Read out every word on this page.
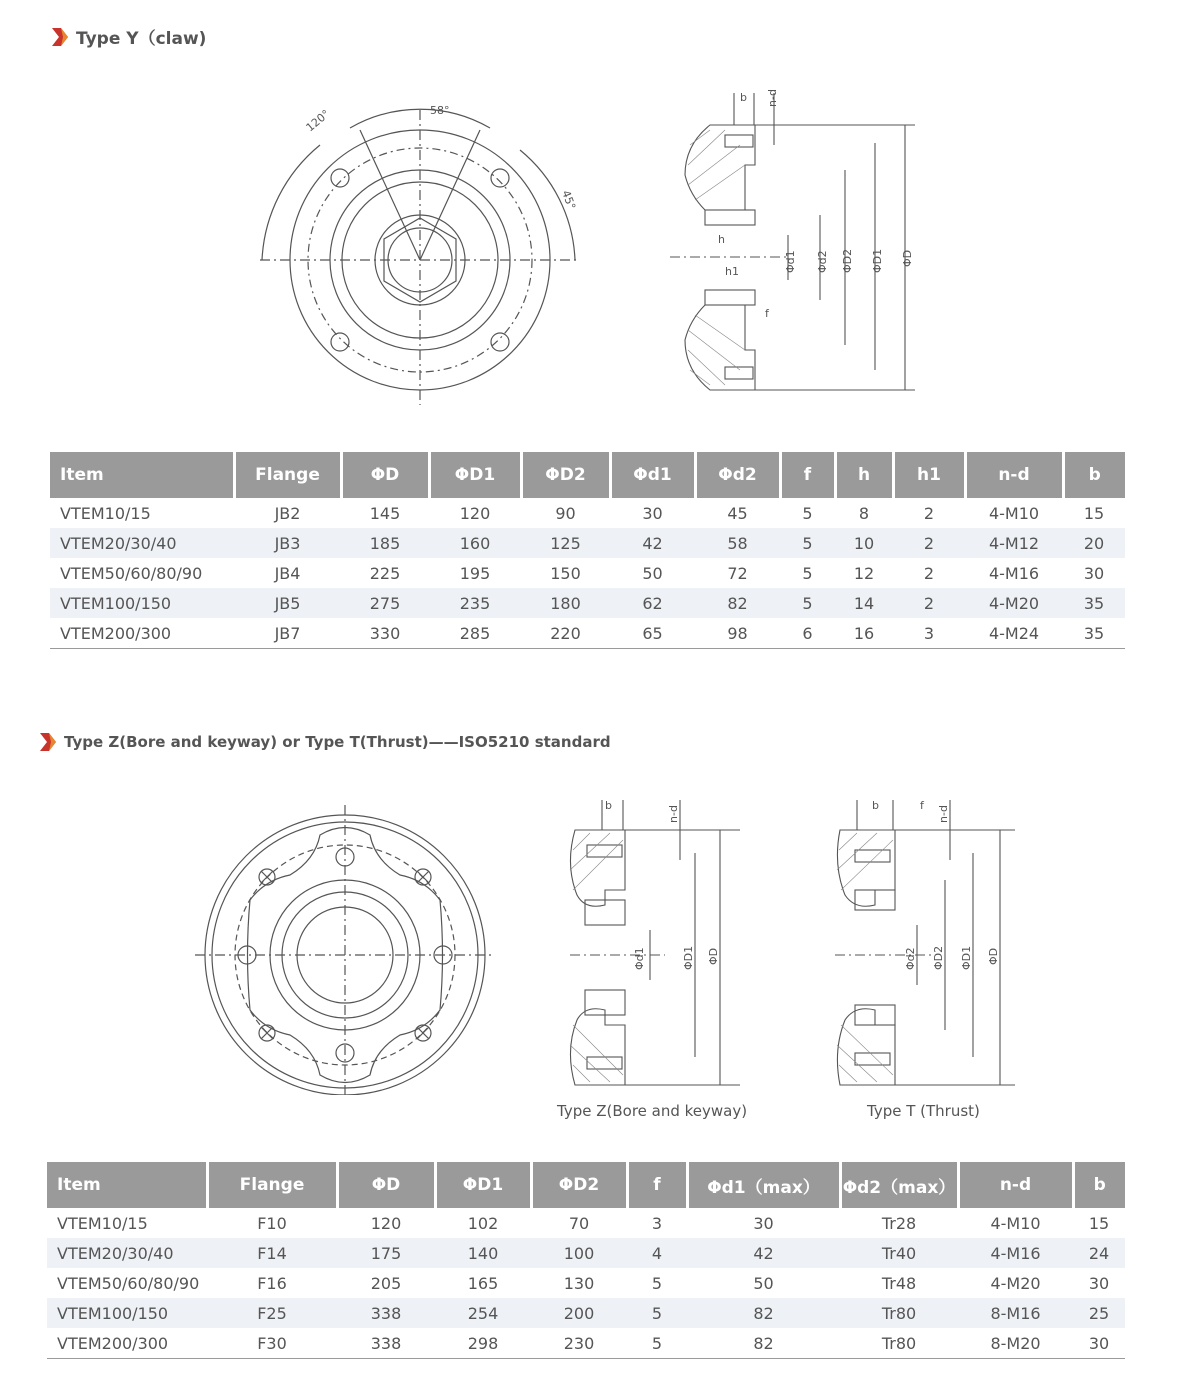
Type Y（claw)
58°
120°
45°
b n-d
h
h1
f
Φd1 Φd2 ΦD2 ΦD1 ΦD
Item	Flange	ΦD	ΦD1	ΦD2	Φd1	Φd2	f	h	h1	n-d	b
VTEM10/15	JB2	145	120	90	30	45	5	8	2	4-M10	15
VTEM20/30/40	JB3	185	160	125	42	58	5	10	2	4-M12	20
VTEM50/60/80/90	JB4	225	195	150	50	72	5	12	2	4-M16	30
VTEM100/150	JB5	275	235	180	62	82	5	14	2	4-M20	35
VTEM200/300	JB7	330	285	220	65	98	6	16	3	4-M24	35
Type Z(Bore and keyway) or Type T(Thrust)——ISO5210 standard
b	n-d
Φd1	ΦD1 ΦD
Type Z(Bore and keyway)
b	f n-d
Φd2 ΦD2 ΦD1 ΦD
Type T (Thrust)
Item	Flange	ΦD	ΦD1	ΦD2	f	Φd1（max）	Φd2（max）	n-d	b
VTEM10/15	F10	120	102	70	3	30	Tr28	4-M10	15
VTEM20/30/40	F14	175	140	100	4	42	Tr40	4-M16	24
VTEM50/60/80/90	F16	205	165	130	5	50	Tr48	4-M20	30
VTEM100/150	F25	338	254	200	5	82	Tr80	8-M16	25
VTEM200/300	F30	338	298	230	5	82	Tr80	8-M20	30
